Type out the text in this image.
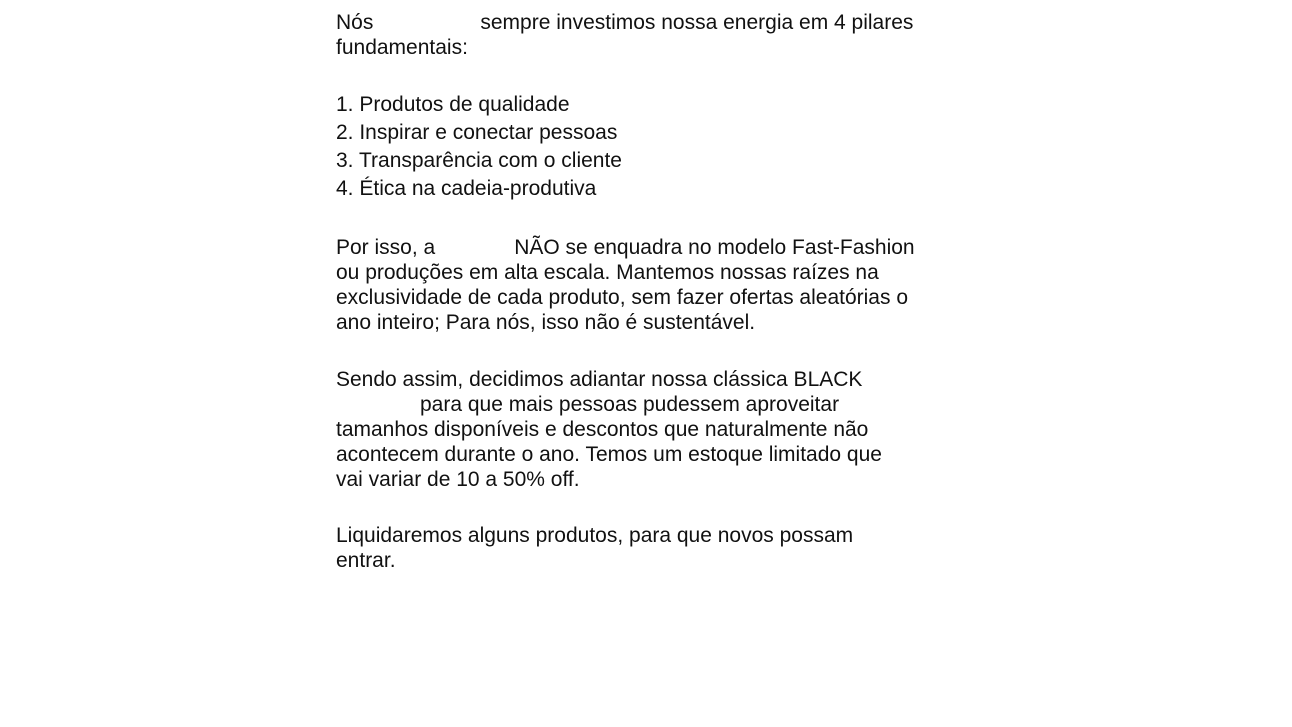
Nós	sempre investimos nossa energia em 4 pilares
fundamentais:
1. Produtos de qualidade
2. Inspirar e conectar pessoas
3. Transparência com o cliente
4. Ética na cadeia-produtiva
Por isso, a	NÃO se enquadra no modelo Fast-Fashion
ou produções em alta escala. Mantemos nossas raízes na
exclusividade de cada produto, sem fazer ofertas aleatórias o
ano inteiro; Para nós, isso não é sustentável.
Sendo assim, decidimos adiantar nossa clássica BLACK
para que mais pessoas pudessem aproveitar
tamanhos disponíveis e descontos que naturalmente não
acontecem durante o ano. Temos um estoque limitado que
vai variar de 10 a 50% off.
Liquidaremos alguns produtos, para que novos possam
entrar.
